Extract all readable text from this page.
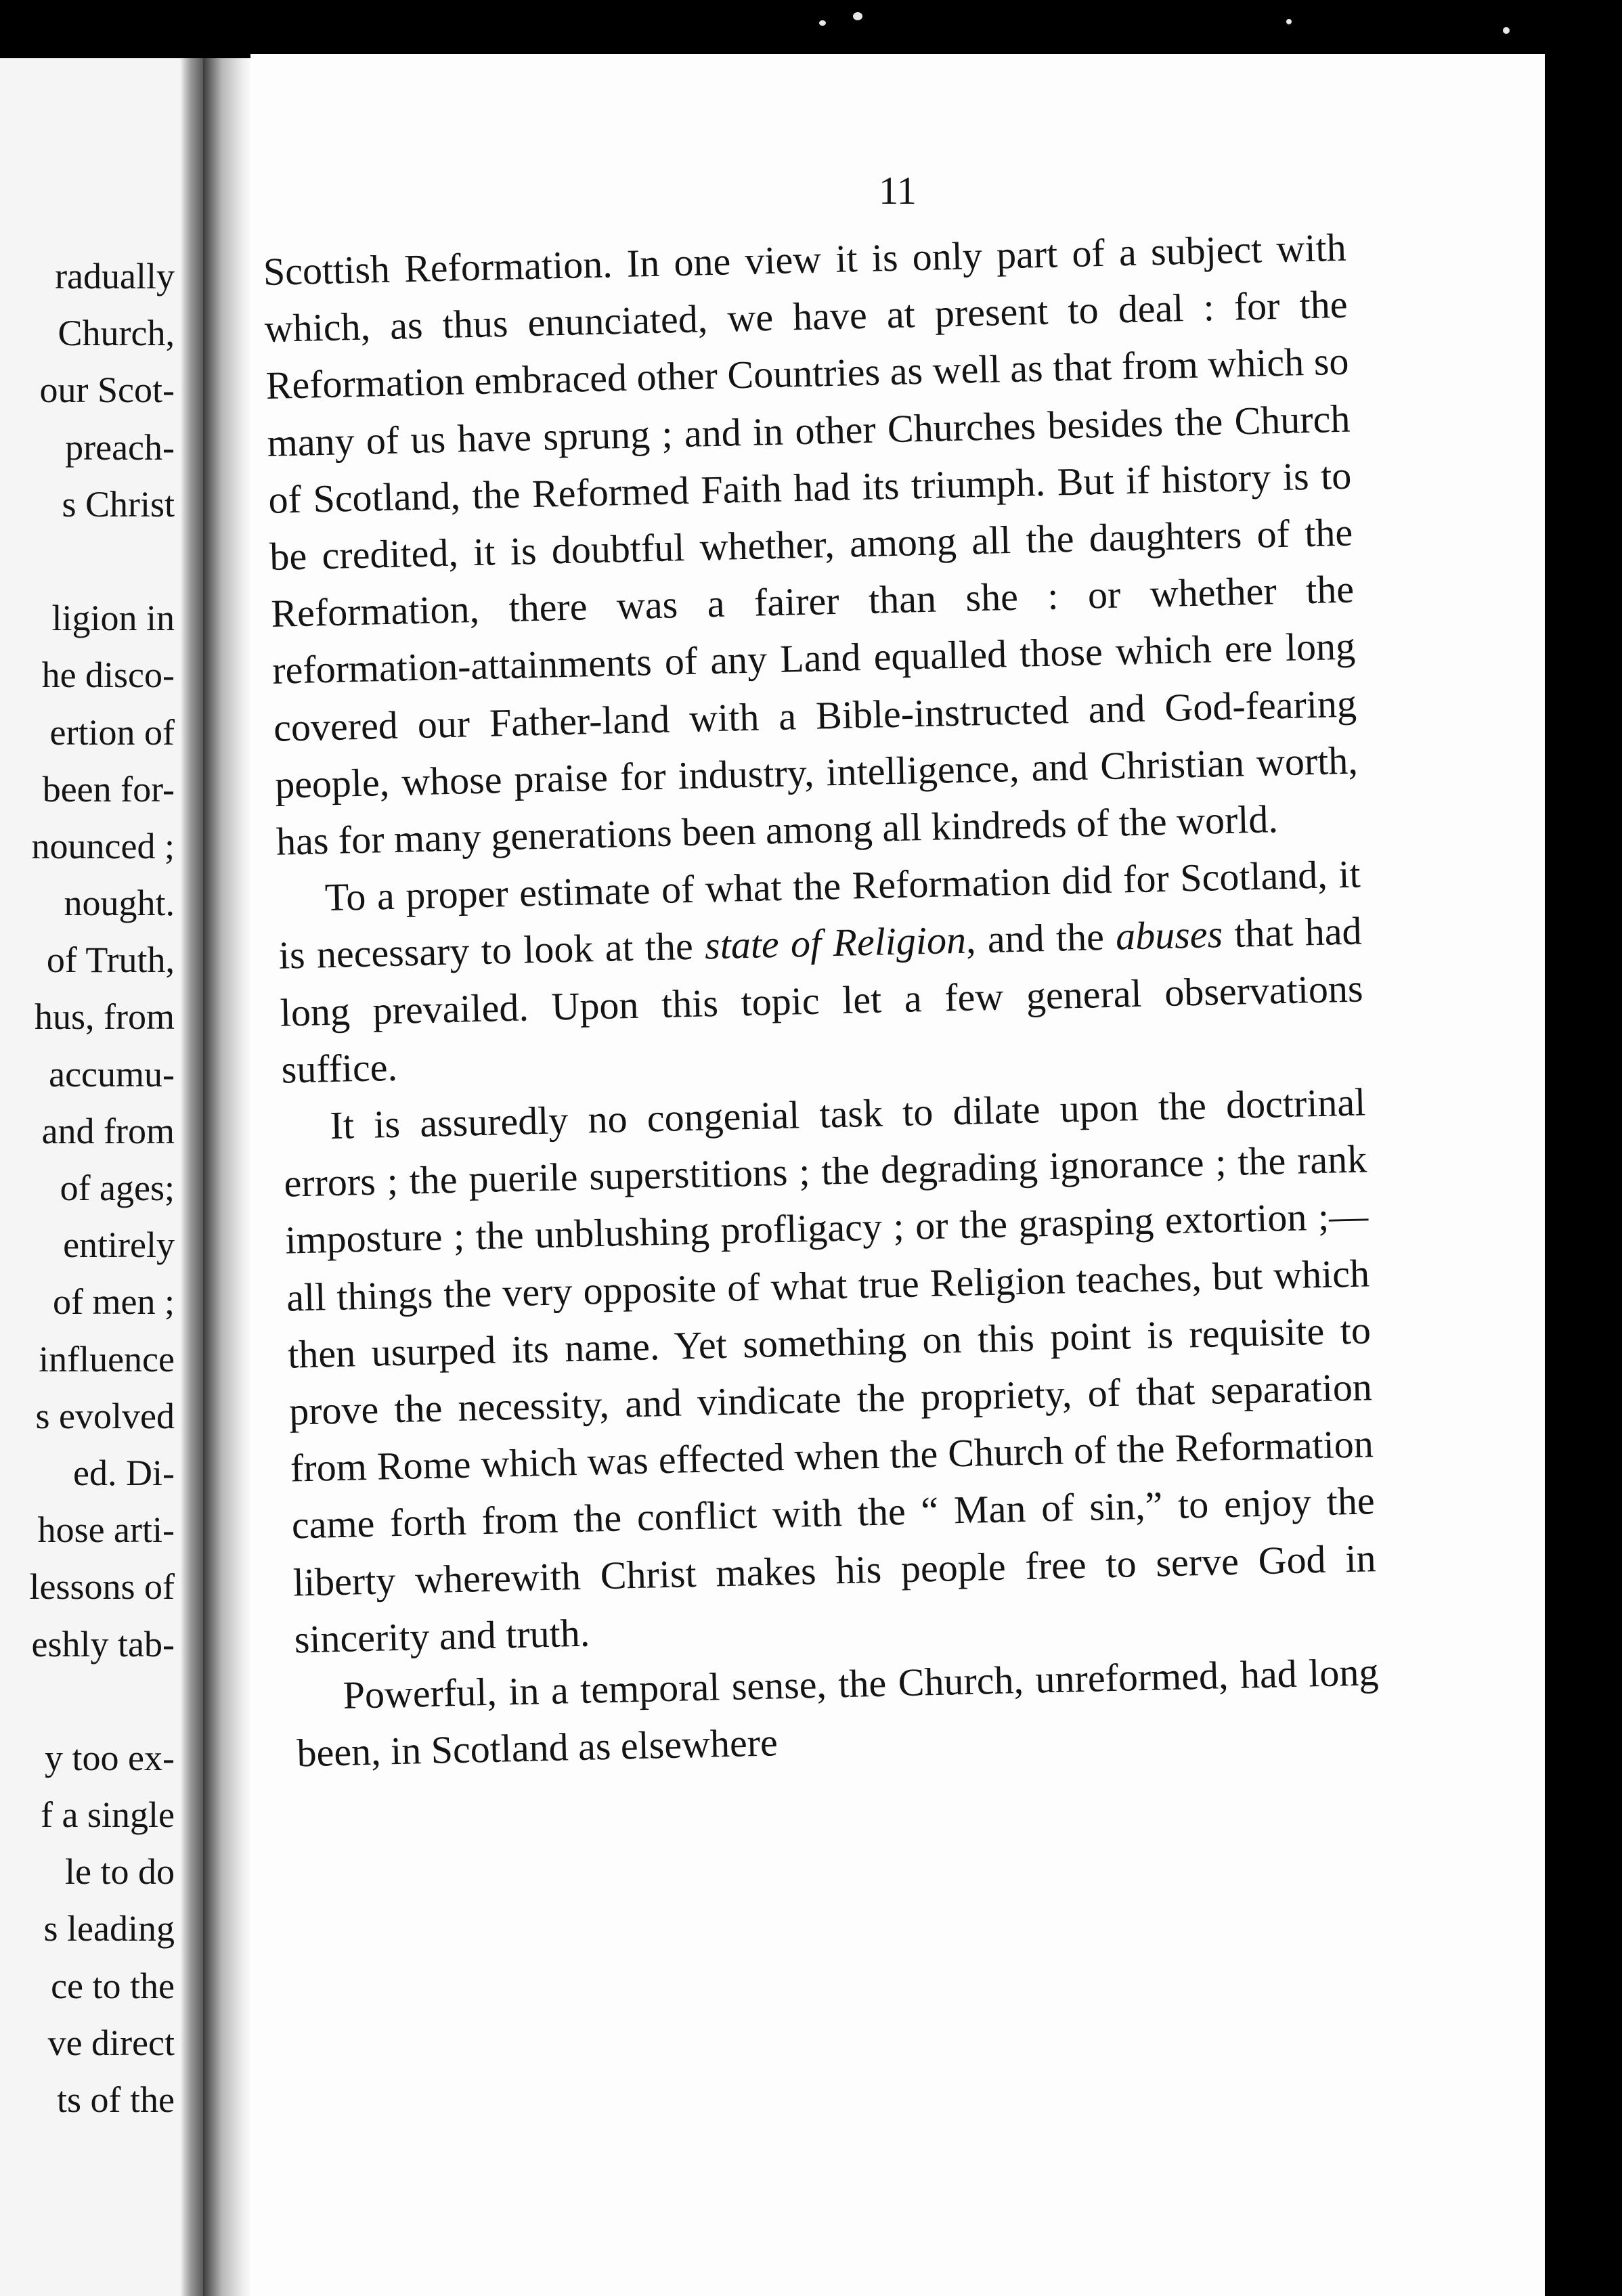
radually
Church,
our Scot-
preach-
s Christ
ligion in
he disco-
ertion of
been for-
nounced ;
nought.
of Truth,
hus, from
accumu-
and from
of ages;
entirely
of men ;
influence
s evolved
ed. Di-
hose arti-
lessons of
eshly tab-
y too ex-
f a single
le to do
s leading
ce to the
ve direct
ts of the
11

Scottish Reformation. In one view it is only part of a subject with which, as thus enunciated, we have at present to deal : for the Reformation embraced other Countries as well as that from which so many of us have sprung ; and in other Churches besides the Church of Scotland, the Reformed Faith had its triumph. But if history is to be credited, it is doubtful whether, among all the daughters of the Reformation, there was a fairer than she : or whether the reformation-attainments of any Land equalled those which ere long covered our Father-land with a Bible-instructed and God-fearing people, whose praise for industry, intelligence, and Christian worth, has for many generations been among all kindreds of the world.

To a proper estimate of what the Reformation did for Scotland, it is necessary to look at the state of Religion, and the abuses that had long prevailed. Upon this topic let a few general observations suffice.

It is assuredly no congenial task to dilate upon the doctrinal errors ; the puerile superstitions ; the degrading ignorance ; the rank imposture ; the unblushing profligacy ; or the grasping extortion ;—all things the very opposite of what true Religion teaches, but which then usurped its name. Yet something on this point is requisite to prove the necessity, and vindicate the propriety, of that separation from Rome which was effected when the Church of the Reformation came forth from the conflict with the “ Man of sin,” to enjoy the liberty wherewith Christ makes his people free to serve God in sincerity and truth.

Powerful, in a temporal sense, the Church, unreformed, had long been, in Scotland as elsewhere
